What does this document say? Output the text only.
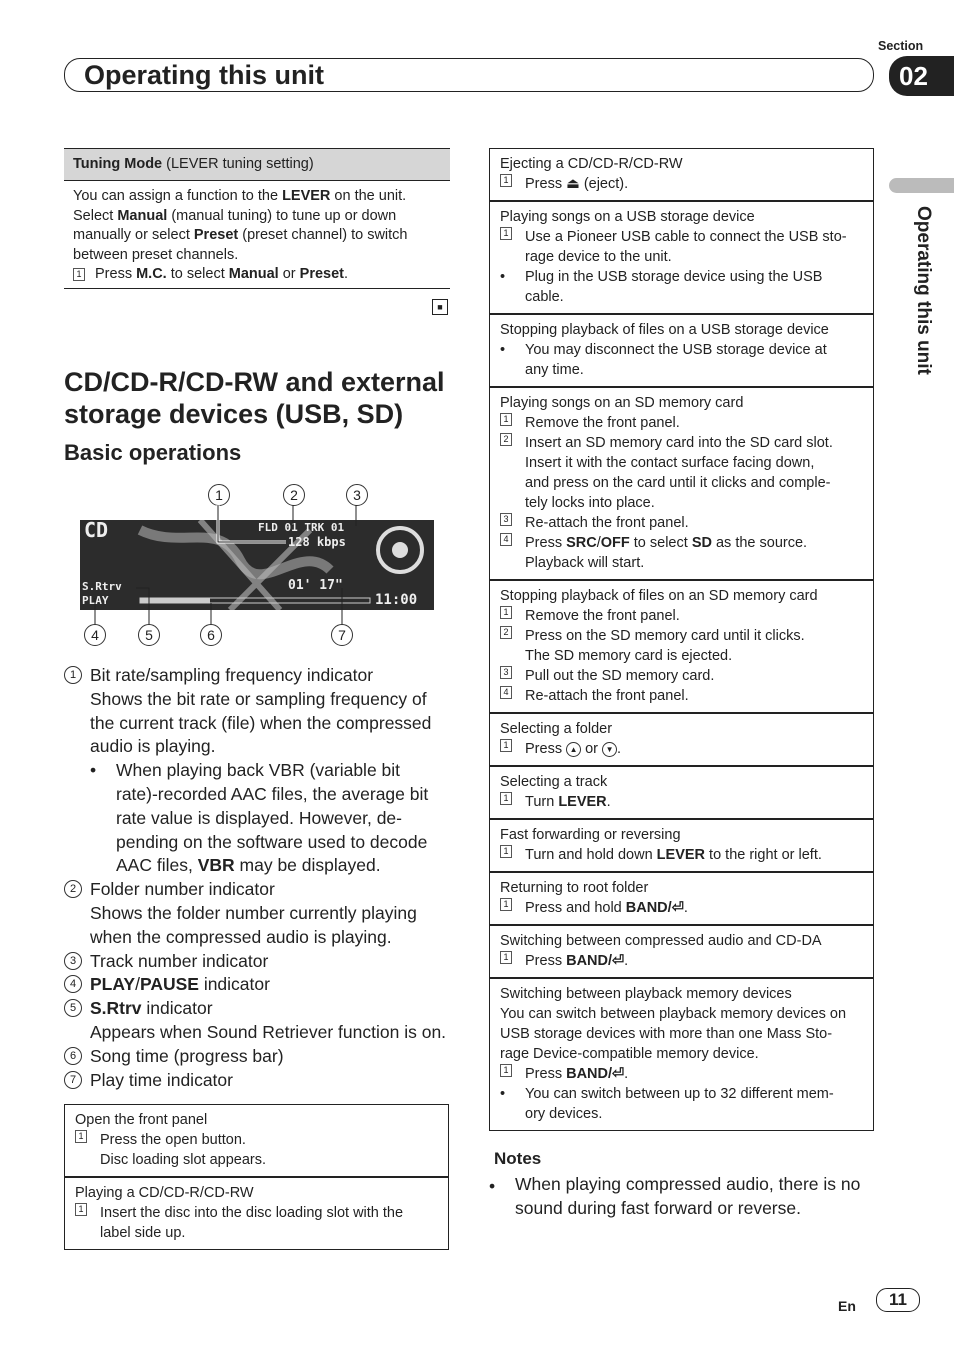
Section
Operating this unit	02
Operating this unit
Tuning Mode (LEVER tuning setting)
You can assign a function to the LEVER on the unit.
Select Manual (manual tuning) to tune up or down
manually or select Preset (preset channel) to switch
between preset channels.
1 Press M.C. to select Manual or Preset.
■
CD/CD-R/CD-RW and external
storage devices (USB, SD)
Basic operations
1	2	3
CD	FLD 01 TRK 01
128 kbps
S.Rtrv
PLAY
01' 17"
11:00
4	5	6	7
1 Bit rate/sampling frequency indicator
Shows the bit rate or sampling frequency of
the current track (file) when the compressed
audio is playing.
• When playing back VBR (variable bit
rate)-recorded AAC files, the average bit
rate value is displayed. However, de-
pending on the software used to decode
AAC files, VBR may be displayed.
2 Folder number indicator
Shows the folder number currently playing
when the compressed audio is playing.
3 Track number indicator
4 PLAY/PAUSE indicator
5 S.Rtrv indicator
Appears when Sound Retriever function is on.
6 Song time (progress bar)
7 Play time indicator
Open the front panel
1 Press the open button.
Disc loading slot appears.
Playing a CD/CD-R/CD-RW
1 Insert the disc into the disc loading slot with the
label side up.
Ejecting a CD/CD-R/CD-RW
1 Press ⏏ (eject).
Playing songs on a USB storage device
1 Use a Pioneer USB cable to connect the USB sto-
rage device to the unit.
• Plug in the USB storage device using the USB
cable.
Stopping playback of files on a USB storage device
• You may disconnect the USB storage device at
any time.
Playing songs on an SD memory card
1 Remove the front panel.
2 Insert an SD memory card into the SD card slot.
Insert it with the contact surface facing down,
and press on the card until it clicks and comple-
tely locks into place.
3 Re-attach the front panel.
4 Press SRC/OFF to select SD as the source.
Playback will start.
Stopping playback of files on an SD memory card
1 Remove the front panel.
2 Press on the SD memory card until it clicks.
The SD memory card is ejected.
3 Pull out the SD memory card.
4 Re-attach the front panel.
Selecting a folder
1 Press ▲ or ▼ .
Selecting a track
1 Turn LEVER.
Fast forwarding or reversing
1 Turn and hold down LEVER to the right or left.
Returning to root folder
1 Press and hold BAND/⏎.
Switching between compressed audio and CD-DA
1 Press BAND/⏎.
Switching between playback memory devices
You can switch between playback memory devices on
USB storage devices with more than one Mass Sto-
rage Device-compatible memory device.
1 Press BAND/⏎.
• You can switch between up to 32 different mem-
ory devices.
Notes
• When playing compressed audio, there is no
sound during fast forward or reverse.
En	11
